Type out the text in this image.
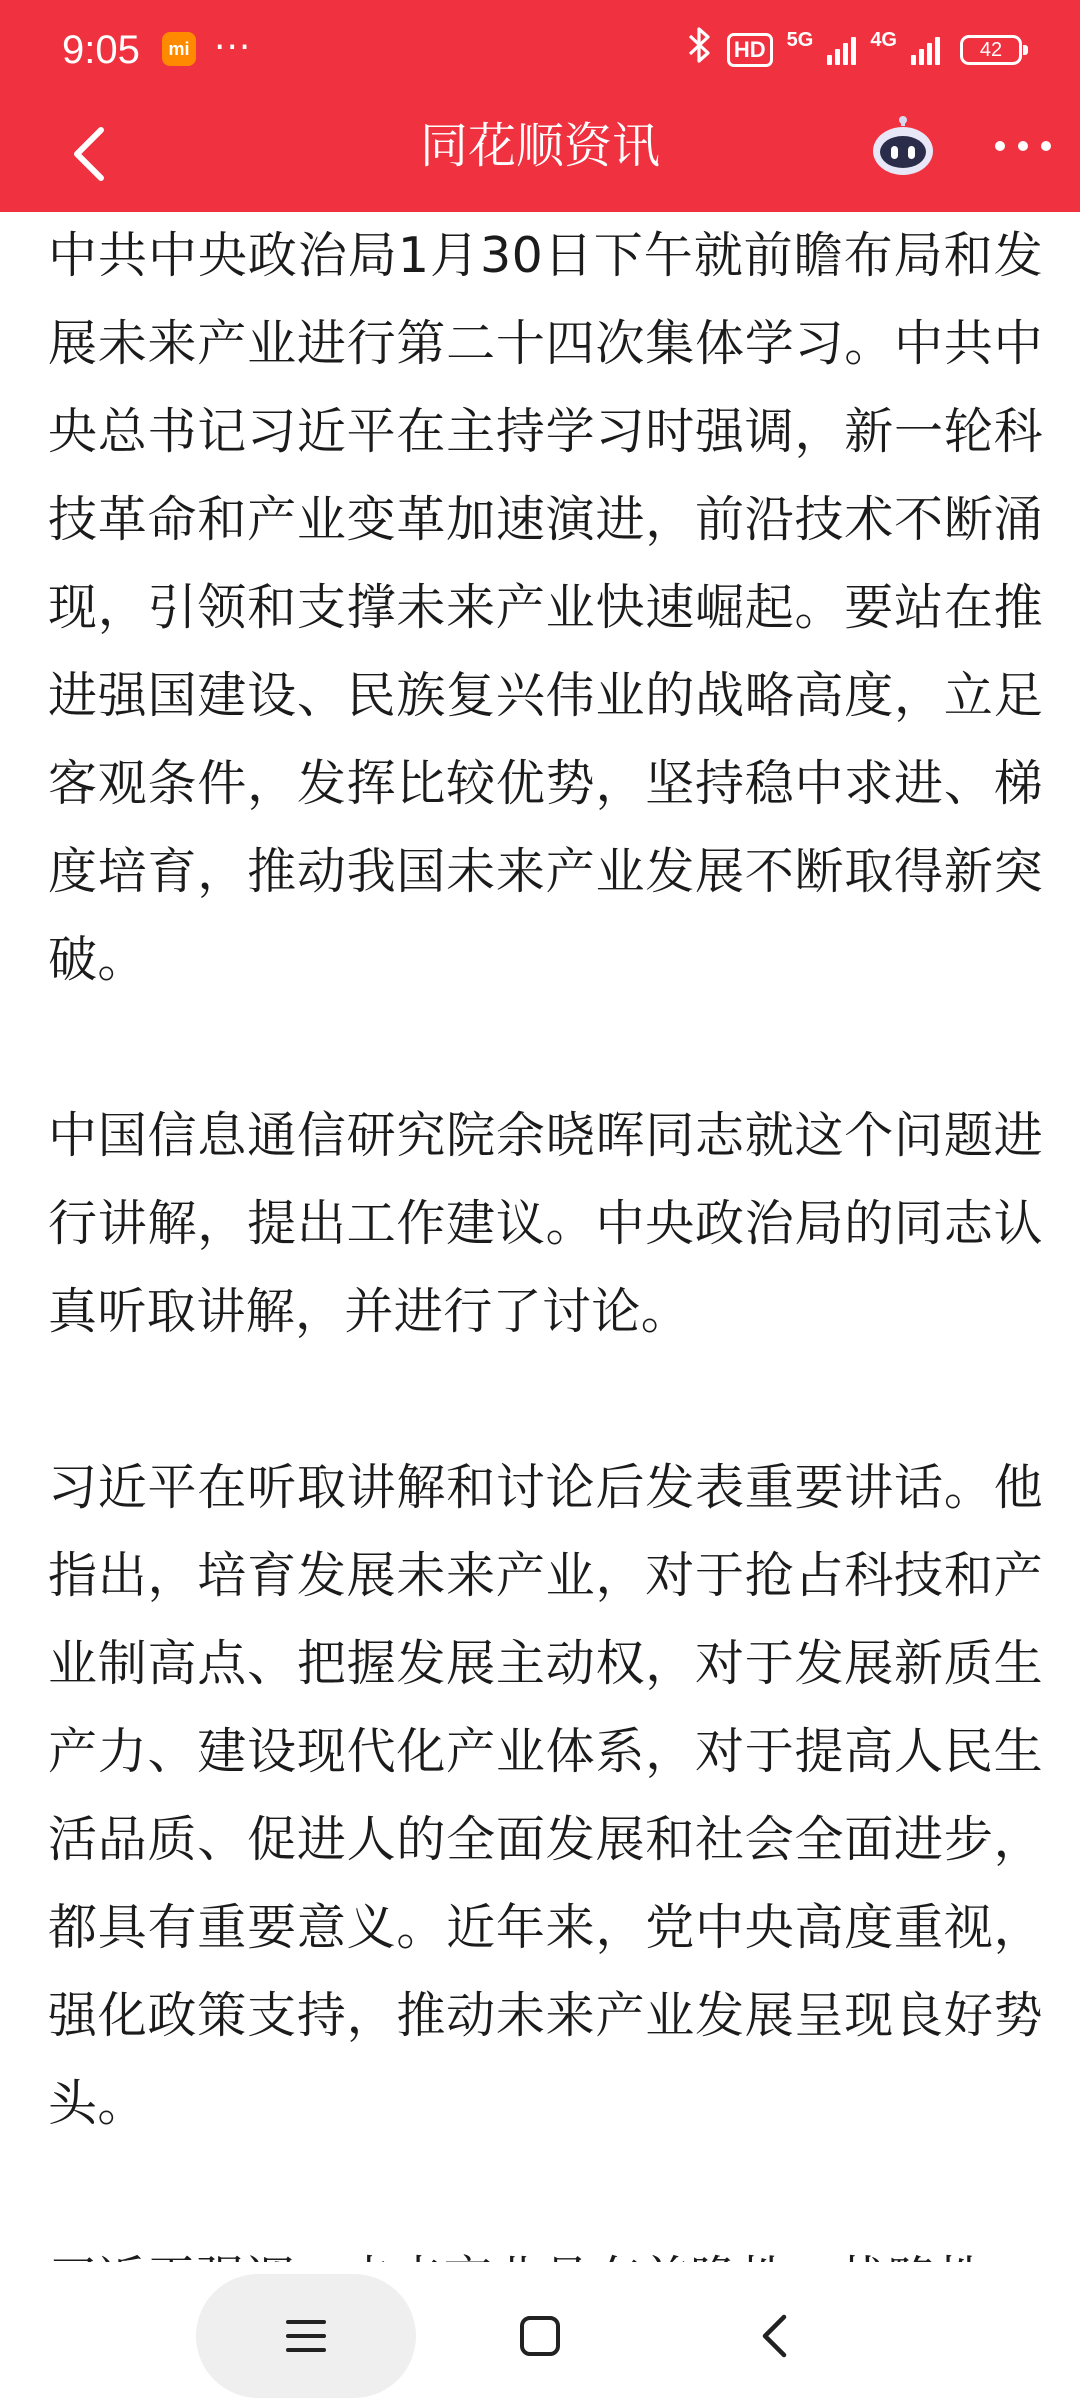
9:05	mi ···	HD	5G	4G	42
同花顺资讯

中共中央政治局1月30日下午就前瞻布局和发展未来产业进行第二十四次集体学习。中共中央总书记习近平在主持学习时强调，新一轮科技革命和产业变革加速演进，前沿技术不断涌现，引领和支撑未来产业快速崛起。要站在推进强国建设、民族复兴伟业的战略高度，立足客观条件，发挥比较优势，坚持稳中求进、梯度培育，推动我国未来产业发展不断取得新突破。

中国信息通信研究院余晓晖同志就这个问题进行讲解，提出工作建议。中央政治局的同志认真听取讲解，并进行了讨论。

习近平在听取讲解和讨论后发表重要讲话。他指出，培育发展未来产业，对于抢占科技和产业制高点、把握发展主动权，对于发展新质生产力、建设现代化产业体系，对于提高人民生活品质、促进人的全面发展和社会全面进步，都具有重要意义。近年来，党中央高度重视，强化政策支持，推动未来产业发展呈现良好势头。
